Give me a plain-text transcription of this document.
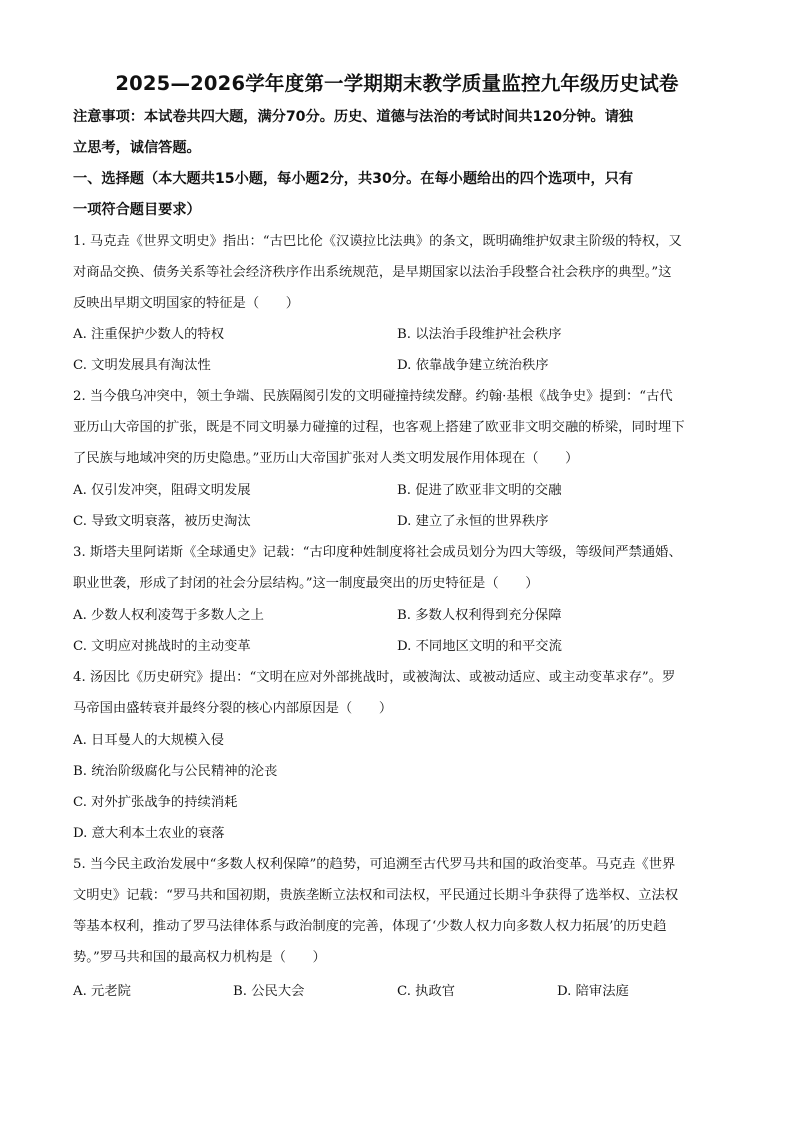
2025—2026学年度第一学期期末教学质量监控九年级历史试卷
注意事项：本试卷共四大题，满分70分。历史、道德与法治的考试时间共120分钟。请独
立思考，诚信答题。
一、选择题（本大题共15小题，每小题2分，共30分。在每小题给出的四个选项中，只有
一项符合题目要求）
1. 马克垚《世界文明史》指出：“古巴比伦《汉谟拉比法典》的条文，既明确维护奴隶主阶级的特权，又
对商品交换、债务关系等社会经济秩序作出系统规范，是早期国家以法治手段整合社会秩序的典型。”这
反映出早期文明国家的特征是（　　）
A. 注重保护少数人的特权	B. 以法治手段维护社会秩序
C. 文明发展具有淘汰性	D. 依靠战争建立统治秩序
2. 当今俄乌冲突中，领土争端、民族隔阂引发的文明碰撞持续发酵。约翰·基根《战争史》提到：“古代
亚历山大帝国的扩张，既是不同文明暴力碰撞的过程，也客观上搭建了欧亚非文明交融的桥梁，同时埋下
了民族与地域冲突的历史隐患。”亚历山大帝国扩张对人类文明发展作用体现在（　　）
A. 仅引发冲突，阻碍文明发展	B. 促进了欧亚非文明的交融
C. 导致文明衰落，被历史淘汰	D. 建立了永恒的世界秩序
3. 斯塔夫里阿诺斯《全球通史》记载：“古印度种姓制度将社会成员划分为四大等级，等级间严禁通婚、
职业世袭，形成了封闭的社会分层结构。”这一制度最突出的历史特征是（　　）
A. 少数人权利凌驾于多数人之上	B. 多数人权利得到充分保障
C. 文明应对挑战时的主动变革	D. 不同地区文明的和平交流
4. 汤因比《历史研究》提出：“文明在应对外部挑战时，或被淘汰、或被动适应、或主动变革求存”。罗
马帝国由盛转衰并最终分裂的核心内部原因是（　　）
A. 日耳曼人的大规模入侵
B. 统治阶级腐化与公民精神的沦丧
C. 对外扩张战争的持续消耗
D. 意大利本土农业的衰落
5. 当今民主政治发展中“多数人权利保障”的趋势，可追溯至古代罗马共和国的政治变革。马克垚《世界
文明史》记载：“罗马共和国初期，贵族垄断立法权和司法权，平民通过长期斗争获得了选举权、立法权
等基本权利，推动了罗马法律体系与政治制度的完善，体现了‘少数人权力向多数人权力拓展’的历史趋
势。”罗马共和国的最高权力机构是（　　）
A. 元老院	B. 公民大会	C. 执政官	D. 陪审法庭
